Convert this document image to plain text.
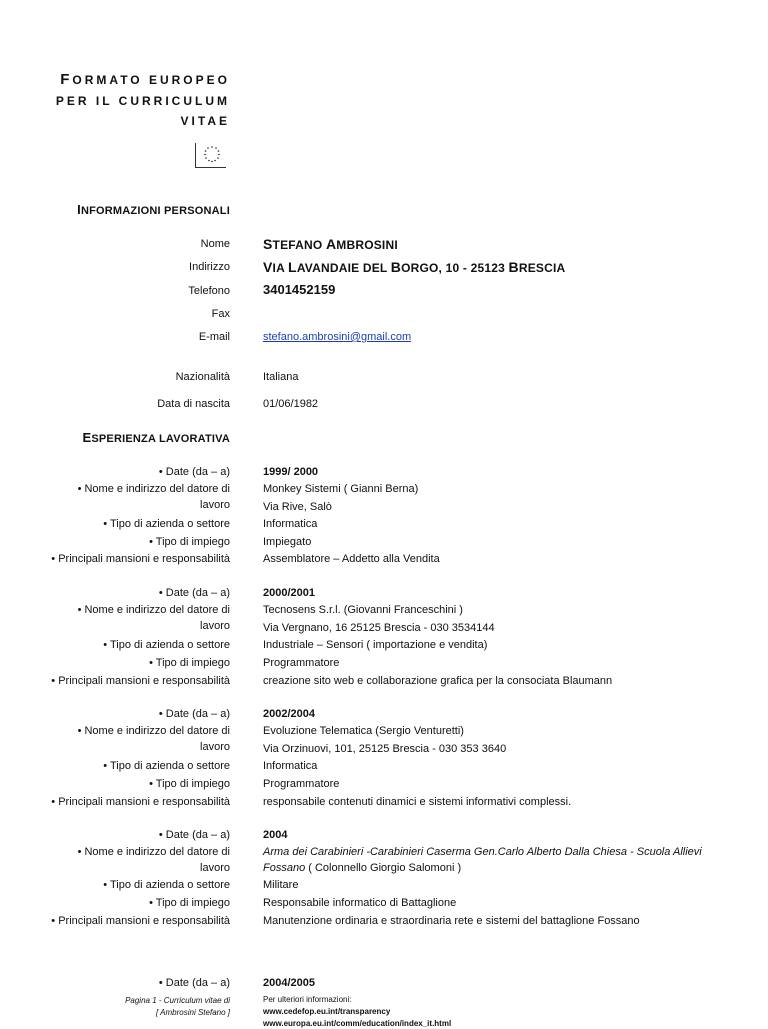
FORMATO EUROPEO
PER IL CURRICULUM
VITAE
INFORMAZIONI PERSONALI
Nome STEFANO AMBROSINI
Indirizzo VIA LAVANDAIE DEL BORGO, 10 - 25123 BRESCIA
Telefono	3401452159
Fax
E-mail	stefano.ambrosini@gmail.com
Nazionalità	Italiana
Data di nascita	01/06/1982
ESPERIENZA LAVORATIVA
• Date (da – a)	1999/ 2000
• Nome e indirizzo del datore di	Monkey Sistemi ( Gianni Berna)
lavoro	Via Rive, Salò
• Tipo di azienda o settore	Informatica
• Tipo di impiego	Impiegato
• Principali mansioni e responsabilità	Assemblatore – Addetto alla Vendita
• Date (da – a)	2000/2001
• Nome e indirizzo del datore di	Tecnosens S.r.l. (Giovanni Franceschini )
lavoro	Via Vergnano, 16 25125 Brescia - 030 3534144
• Tipo di azienda o settore	Industriale – Sensori ( importazione e vendita)
• Tipo di impiego	Programmatore
• Principali mansioni e responsabilità	creazione sito web e collaborazione grafica per la consociata Blaumann
• Date (da – a)	2002/2004
• Nome e indirizzo del datore di	Evoluzione Telematica (Sergio Venturetti)
lavoro	Via Orzinuovi, 101, 25125 Brescia - 030 353 3640
• Tipo di azienda o settore	Informatica
• Tipo di impiego	Programmatore
• Principali mansioni e responsabilità	responsabile contenuti dinamici e sistemi informativi complessi.
• Date (da – a)	2004
• Nome e indirizzo del datore di	Arma dei Carabinieri -Carabinieri Caserma Gen.Carlo Alberto Dalla Chiesa - Scuola Allievi
lavoro	Fossano ( Colonnello Giorgio Salomoni )
• Tipo di azienda o settore	Militare
• Tipo di impiego	Responsabile informatico di Battaglione
• Principali mansioni e responsabilità	Manutenzione ordinaria e straordinaria rete e sistemi del battaglione Fossano
• Date (da – a)	2004/2005
Pagina 1 - Curriculum vitae di
[ Ambrosini Stefano ]
Per ulteriori informazioni:
www.cedefop.eu.int/transparency
www.europa.eu.int/comm/education/index_it.html
